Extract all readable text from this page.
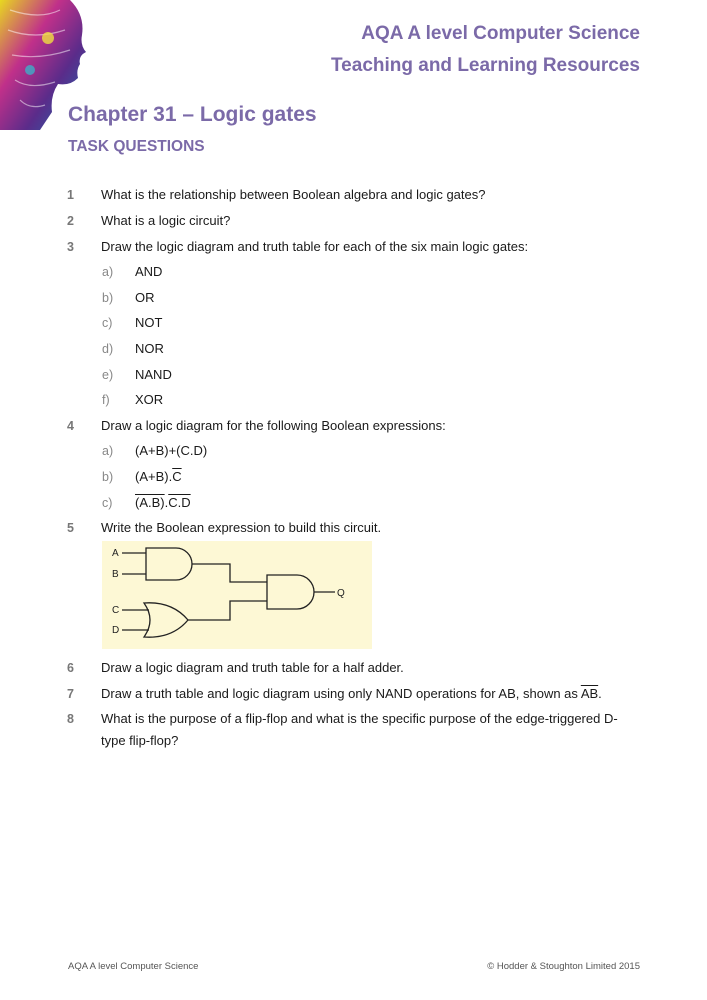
AQA A level Computer Science
Teaching and Learning Resources
Chapter 31 – Logic gates
TASK QUESTIONS
1	What is the relationship between Boolean algebra and logic gates?
2	What is a logic circuit?
3	Draw the logic diagram and truth table for each of the six main logic gates:
a)	AND
b)	OR
c)	NOT
d)	NOR
e)	NAND
f)	XOR
4	Draw a logic diagram for the following Boolean expressions:
a)	(A+B)+(C.D)
b)	$(A+B).\overline{C}$
c)	(A.B).C.D
5	Write the Boolean expression to build this circuit.
A
B
C
D
Q
6	Draw a logic diagram and truth table for a half adder.
7	Draw a truth table and logic diagram using only NAND operations for AB, shown as $\overline{AB}$.
8	What is the purpose of a flip-flop and what is the specific purpose of the edge-triggered D-
type flip-flop?
AQA A level Computer Science	© Hodder & Stoughton Limited 2015
